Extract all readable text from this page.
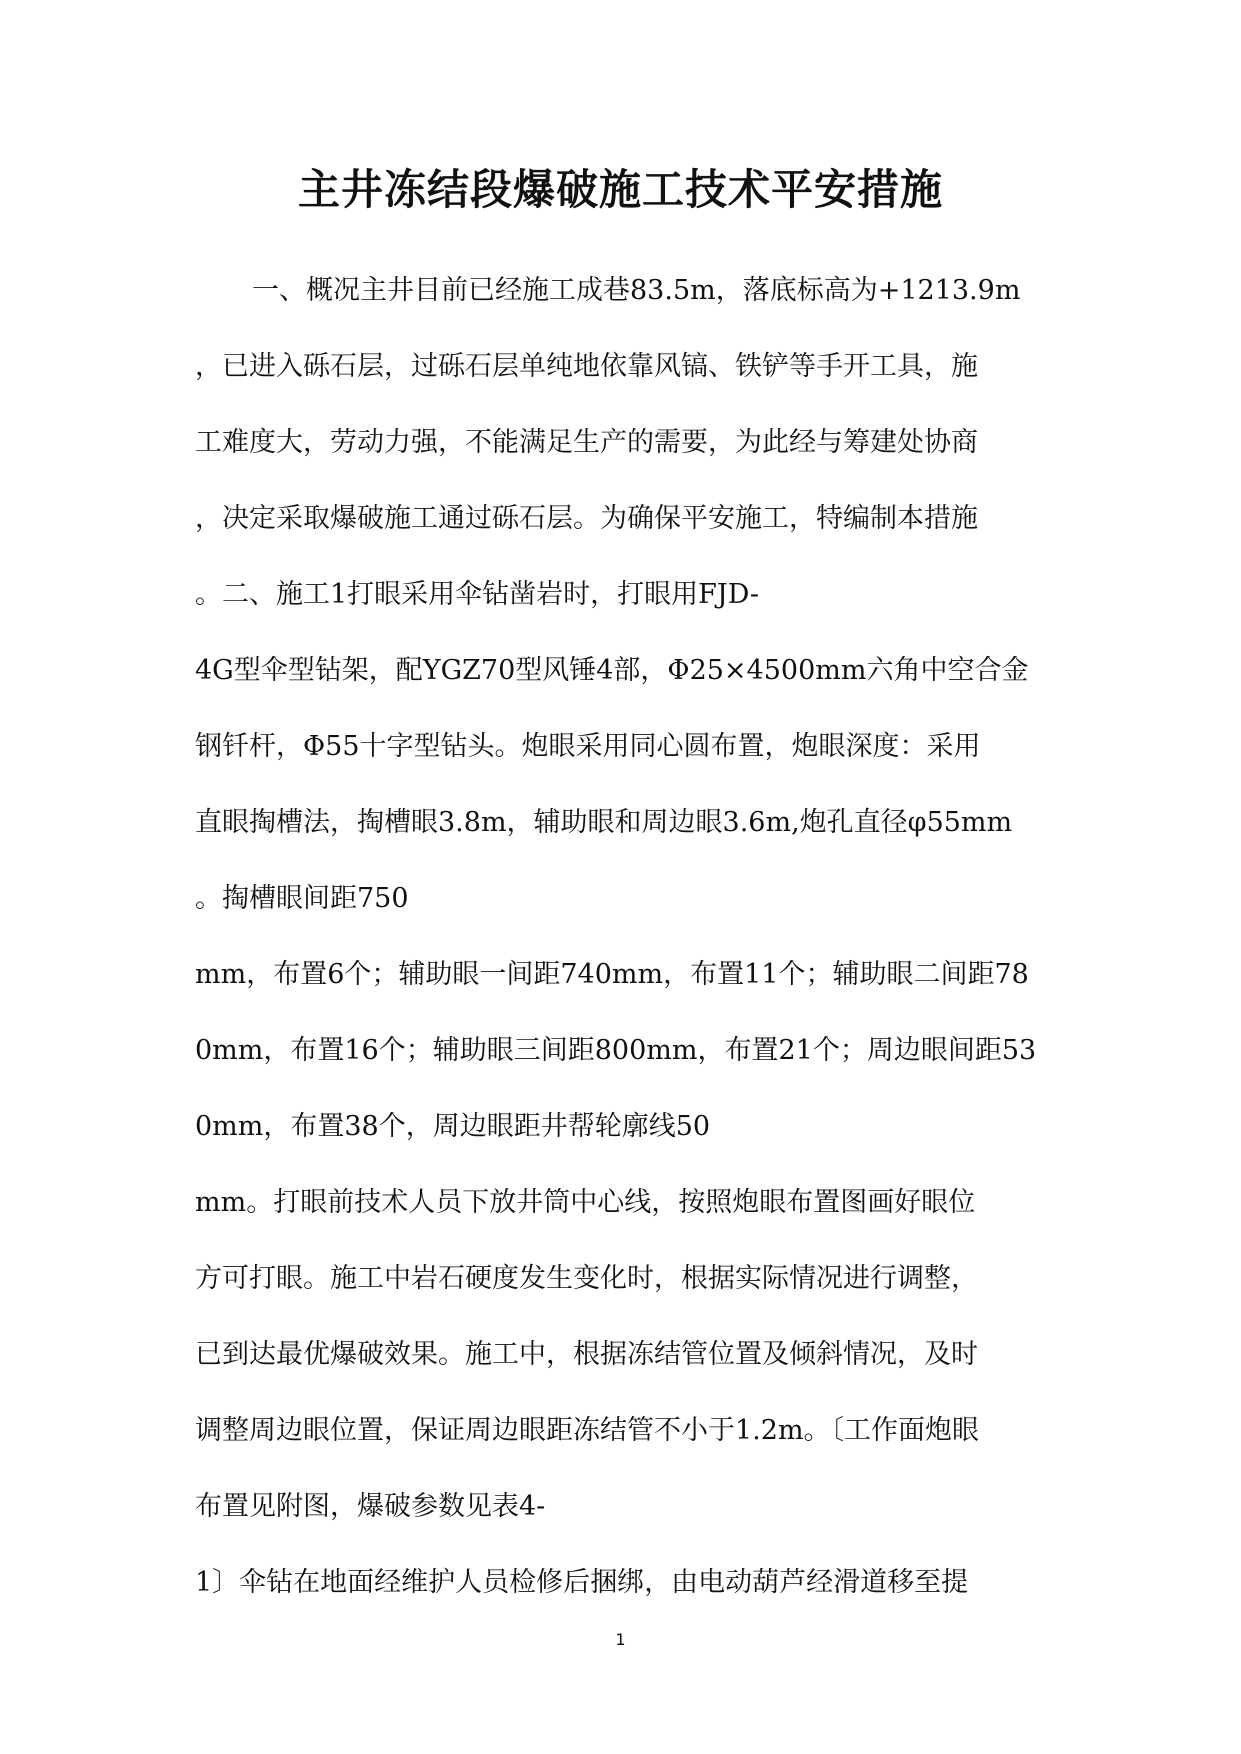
主井冻结段爆破施工技术平安措施
一、概况主井目前已经施工成巷83.5m，落底标高为+1213.9m
，已进入砾石层，过砾石层单纯地依靠风镐、铁铲等手开工具，施
工难度大，劳动力强，不能满足生产的需要，为此经与筹建处协商
，决定采取爆破施工通过砾石层。为确保平安施工，特编制本措施
。二、施工1打眼采用伞钻凿岩时，打眼用FJD-
4G型伞型钻架，配YGZ70型风锤4部，Φ25×4500mm六角中空合金
钢钎杆，Φ55十字型钻头。炮眼采用同心圆布置，炮眼深度：采用
直眼掏槽法，掏槽眼3.8m，辅助眼和周边眼3.6m,炮孔直径φ55mm
。掏槽眼间距750
mm，布置6个；辅助眼一间距740mm，布置11个；辅助眼二间距78
0mm，布置16个；辅助眼三间距800mm，布置21个；周边眼间距53
0mm，布置38个，周边眼距井帮轮廓线50
mm。打眼前技术人员下放井筒中心线，按照炮眼布置图画好眼位
方可打眼。施工中岩石硬度发生变化时，根据实际情况进行调整，
已到达最优爆破效果。施工中，根据冻结管位置及倾斜情况，及时
调整周边眼位置，保证周边眼距冻结管不小于1.2m。〔工作面炮眼
布置见附图，爆破参数见表4-
1〕伞钻在地面经维护人员检修后捆绑，由电动葫芦经滑道移至提
1
